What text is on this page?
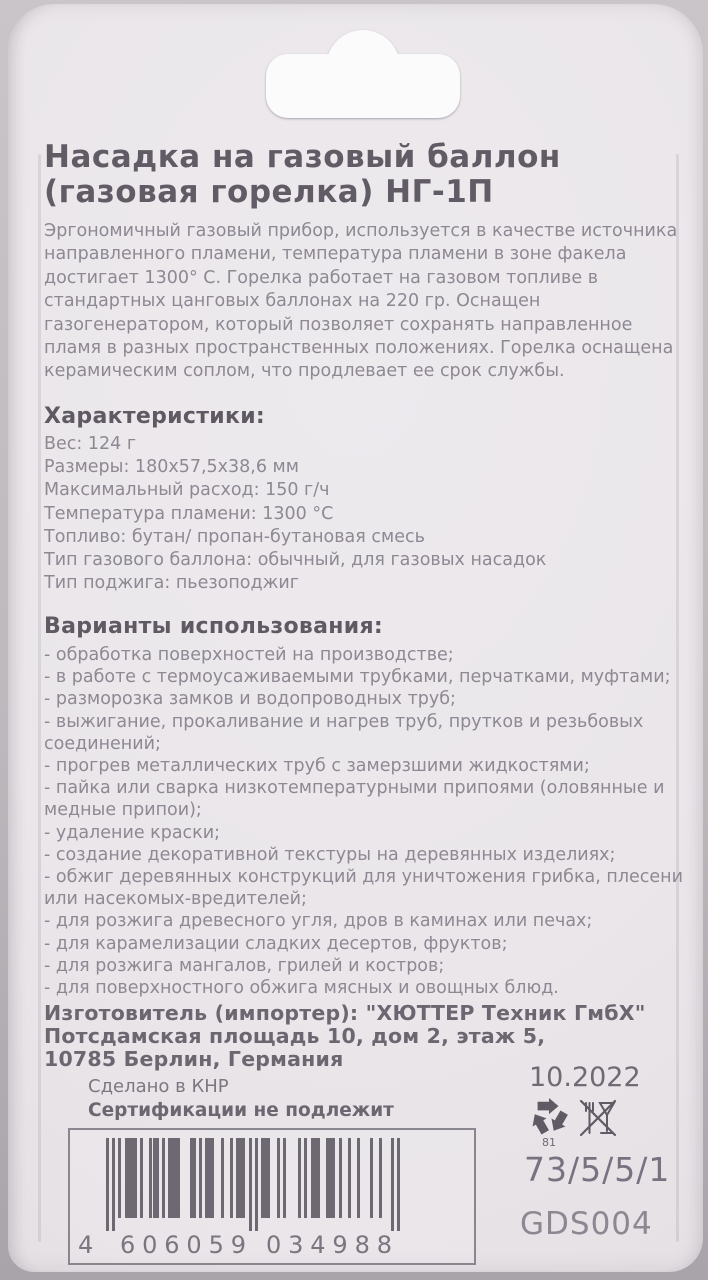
Насадка на газовый баллон
(газовая горелка) НГ-1П
Эргономичный газовый прибор, используется в качестве источника направленного пламени, температура пламени в зоне факела достигает 1300° С. Горелка работает на газовом топливе в стандартных цанговых баллонах на 220 гр. Оснащен газогенератором, который позволяет сохранять направленное пламя в разных пространственных положениях. Горелка оснащена керамическим соплом, что продлевает ее срок службы.
Характеристики:
Вес: 124 г
Размеры: 180х57,5х38,6 мм
Максимальный расход: 150 г/ч
Температура пламени: 1300 °С
Топливо: бутан/ пропан-бутановая смесь
Тип газового баллона: обычный, для газовых насадок
Тип поджига: пьезоподжиг
Варианты использования:
- обработка поверхностей на производстве;
- в работе с термоусаживаемыми трубками, перчатками, муфтами;
- разморозка замков и водопроводных труб;
- выжигание, прокаливание и нагрев труб, прутков и резьбовых соединений;
- прогрев металлических труб с замерзшими жидкостями;
- пайка или сварка низкотемпературными припоями (оловянные и медные припои);
- удаление краски;
- создание декоративной текстуры на деревянных изделиях;
- обжиг деревянных конструкций для уничтожения грибка, плесени или насекомых-вредителей;
- для розжига древесного угля, дров в каминах или печах;
- для карамелизации сладких десертов, фруктов;
- для розжига мангалов, грилей и костров;
- для поверхностного обжига мясных и овощных блюд.
Изготовитель (импортер): "ХЮТТЕР Техник ГмбХ"
Потсдамская площадь 10, дом 2, этаж 5,
10785 Берлин, Германия
Сделано в КНР
Сертификации не подлежит
10.2022
81
73/5/5/1
4 6 0 6 0 5 9 0 3 4 9 8 8
GDS004
